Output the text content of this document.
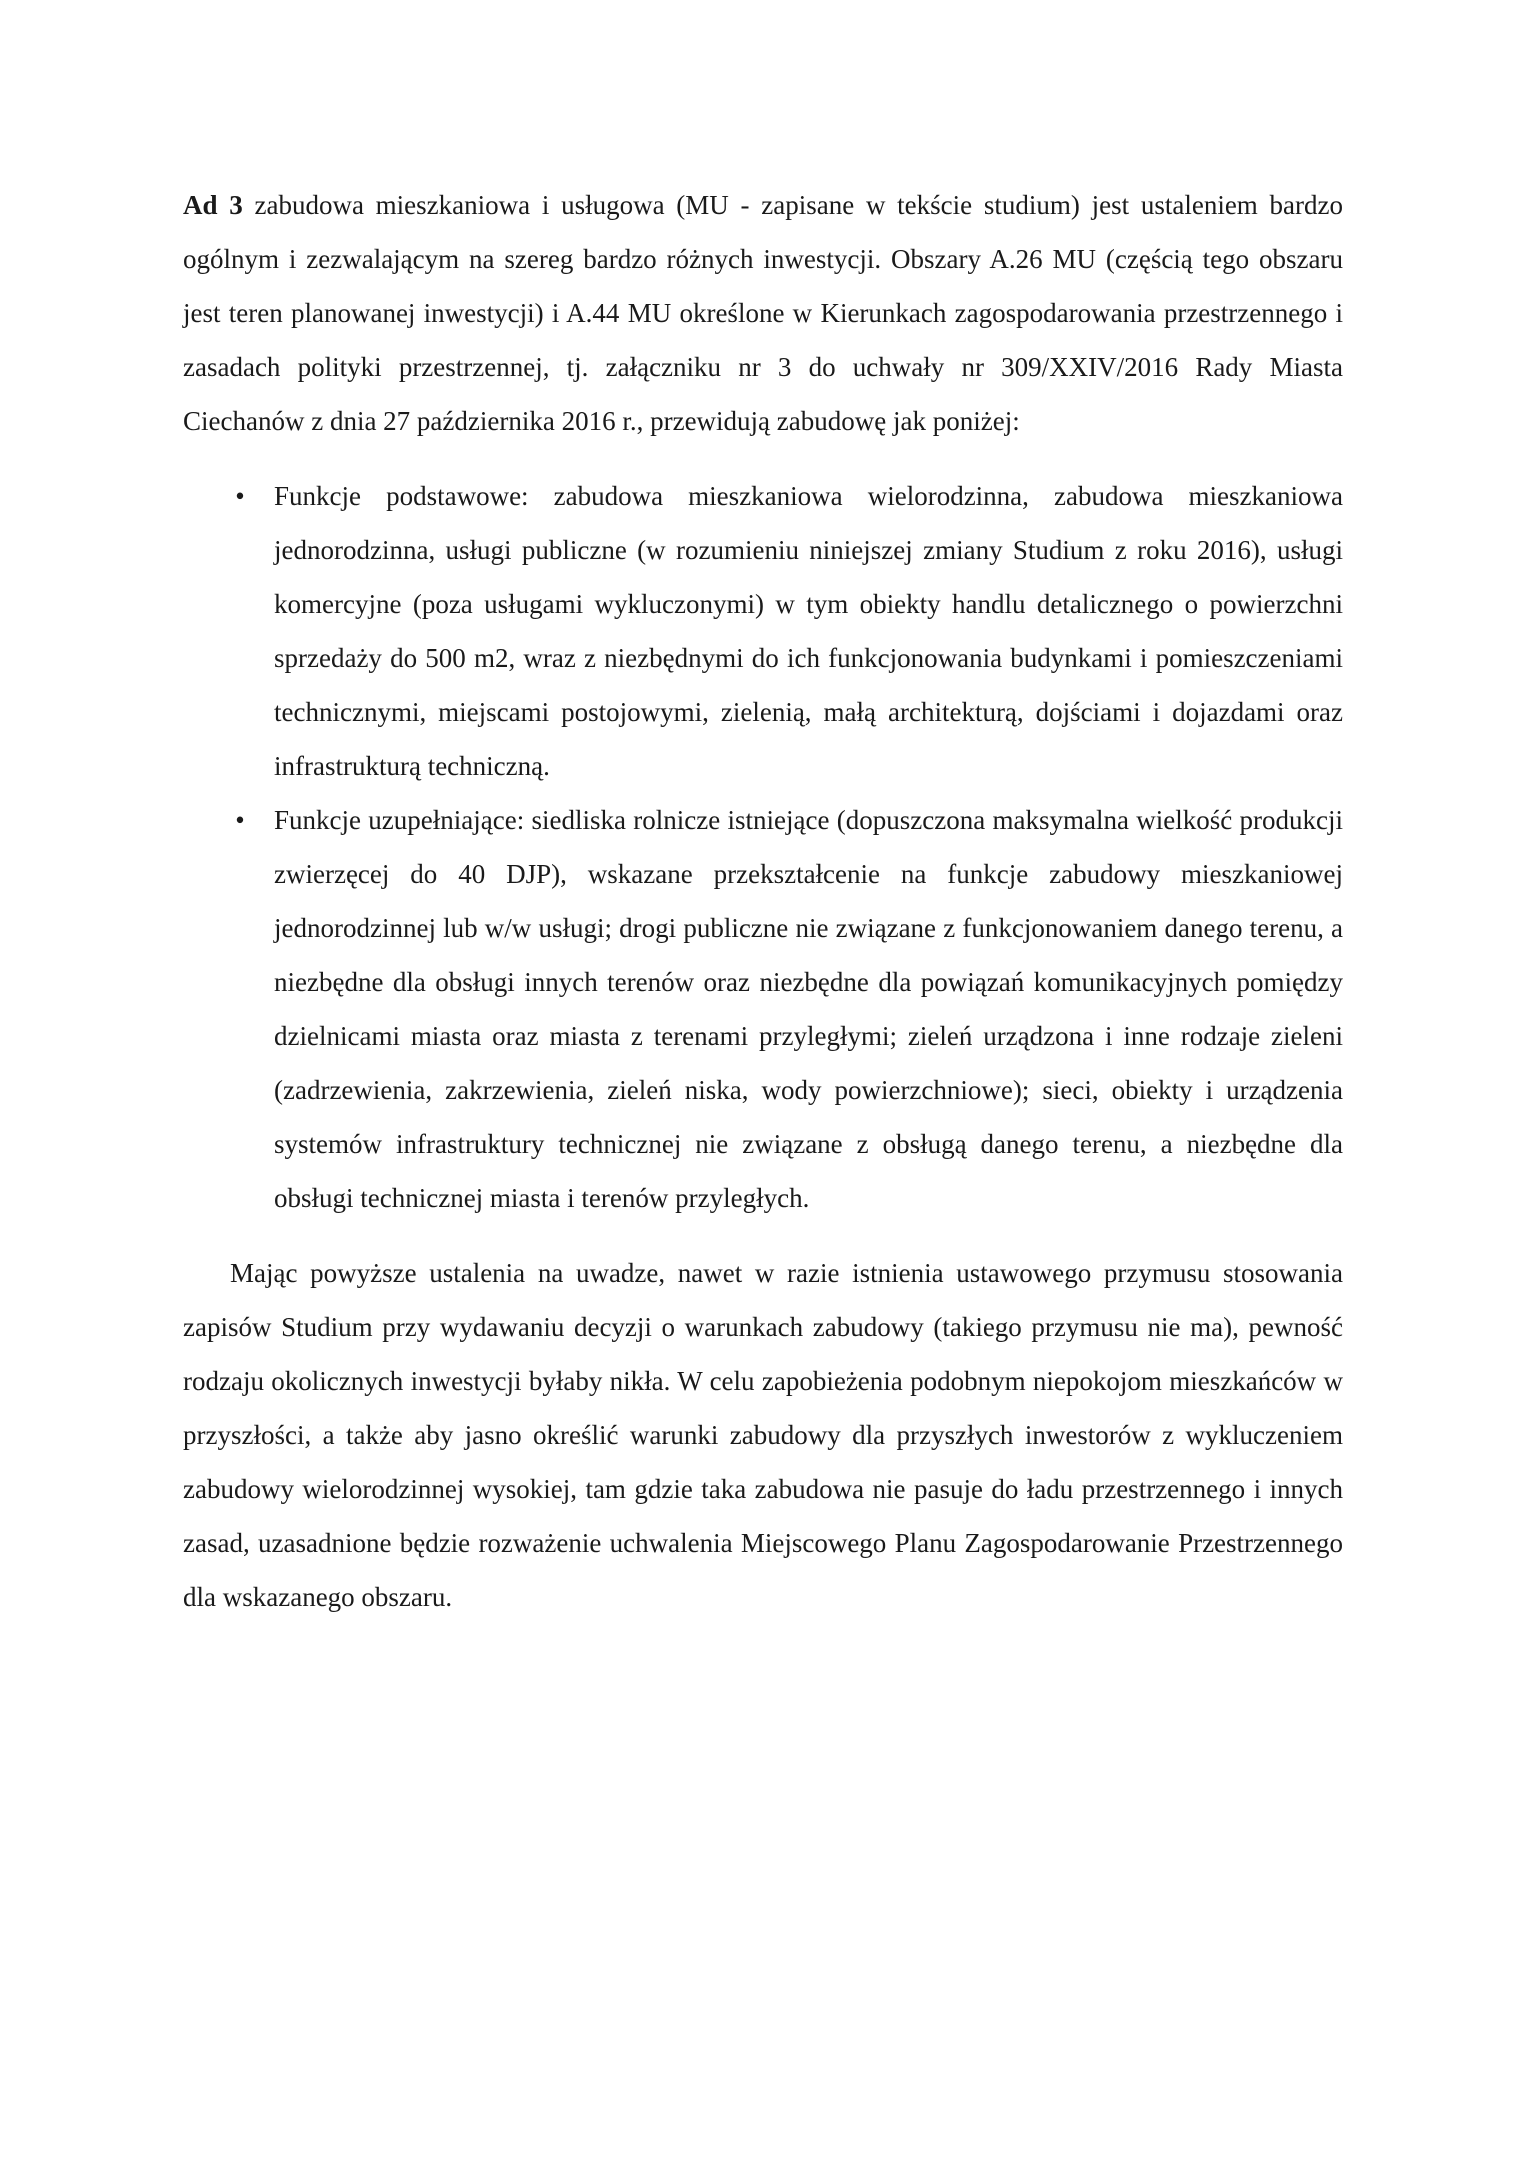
Ad 3 zabudowa mieszkaniowa i usługowa (MU - zapisane w tekście studium) jest ustaleniem bardzo ogólnym i zezwalającym na szereg bardzo różnych inwestycji. Obszary A.26 MU (częścią tego obszaru jest teren planowanej inwestycji) i A.44 MU określone w Kierunkach zagospodarowania przestrzennego i zasadach polityki przestrzennej, tj. załączniku nr 3 do uchwały nr 309/XXIV/2016 Rady Miasta Ciechanów z dnia 27 października 2016 r., przewidują zabudowę jak poniżej:

• Funkcje podstawowe: zabudowa mieszkaniowa wielorodzinna, zabudowa mieszkaniowa jednorodzinna, usługi publiczne (w rozumieniu niniejszej zmiany Studium z roku 2016), usługi komercyjne (poza usługami wykluczonymi) w tym obiekty handlu detalicznego o powierzchni sprzedaży do 500 m2, wraz z niezbędnymi do ich funkcjonowania budynkami i pomieszczeniami technicznymi, miejscami postojowymi, zielenią, małą architekturą, dojściami i dojazdami oraz infrastrukturą techniczną.
• Funkcje uzupełniające: siedliska rolnicze istniejące (dopuszczona maksymalna wielkość produkcji zwierzęcej do 40 DJP), wskazane przekształcenie na funkcje zabudowy mieszkaniowej jednorodzinnej lub w/w usługi; drogi publiczne nie związane z funkcjonowaniem danego terenu, a niezbędne dla obsługi innych terenów oraz niezbędne dla powiązań komunikacyjnych pomiędzy dzielnicami miasta oraz miasta z terenami przyległymi; zieleń urządzona i inne rodzaje zieleni (zadrzewienia, zakrzewienia, zieleń niska, wody powierzchniowe); sieci, obiekty i urządzenia systemów infrastruktury technicznej nie związane z obsługą danego terenu, a niezbędne dla obsługi technicznej miasta i terenów przyległych.

Mając powyższe ustalenia na uwadze, nawet w razie istnienia ustawowego przymusu stosowania zapisów Studium przy wydawaniu decyzji o warunkach zabudowy (takiego przymusu nie ma), pewność rodzaju okolicznych inwestycji byłaby nikła. W celu zapobieżenia podobnym niepokojom mieszkańców w przyszłości, a także aby jasno określić warunki zabudowy dla przyszłych inwestorów z wykluczeniem zabudowy wielorodzinnej wysokiej, tam gdzie taka zabudowa nie pasuje do ładu przestrzennego i innych zasad, uzasadnione będzie rozważenie uchwalenia Miejscowego Planu Zagospodarowanie Przestrzennego dla wskazanego obszaru.
